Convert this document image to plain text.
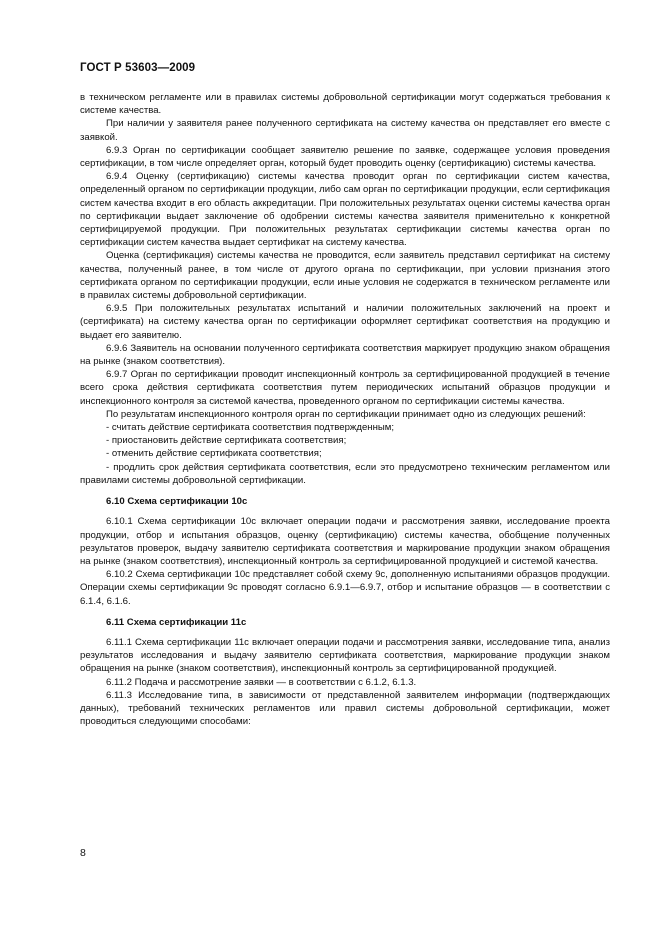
ГОСТ Р 53603—2009

в техническом регламенте или в правилах системы добровольной сертификации могут содержаться требования к системе качества.

При наличии у заявителя ранее полученного сертификата на систему качества он представляет его вместе с заявкой.

6.9.3 Орган по сертификации сообщает заявителю решение по заявке, содержащее условия проведения сертификации, в том числе определяет орган, который будет проводить оценку (сертификацию) системы качества.

6.9.4 Оценку (сертификацию) системы качества проводит орган по сертификации систем качества, определенный органом по сертификации продукции, либо сам орган по сертификации продукции, если сертификация систем качества входит в его область аккредитации. При положительных результатах оценки системы качества орган по сертификации выдает заключение об одобрении системы качества заявителя применительно к конкретной сертифицируемой продукции. При положительных результатах сертификации системы качества орган по сертификации систем качества выдает сертификат на систему качества.

Оценка (сертификация) системы качества не проводится, если заявитель представил сертификат на систему качества, полученный ранее, в том числе от другого органа по сертификации, при условии признания этого сертификата органом по сертификации продукции, если иные условия не содержатся в техническом регламенте или в правилах системы добровольной сертификации.

6.9.5 При положительных результатах испытаний и наличии положительных заключений на проект и (сертификата) на систему качества орган по сертификации оформляет сертификат соответствия на продукцию и выдает его заявителю.

6.9.6 Заявитель на основании полученного сертификата соответствия маркирует продукцию знаком обращения на рынке (знаком соответствия).

6.9.7 Орган по сертификации проводит инспекционный контроль за сертифицированной продукцией в течение всего срока действия сертификата соответствия путем периодических испытаний образцов продукции и инспекционного контроля за системой качества, проведенного органом по сертификации системы качества.

По результатам инспекционного контроля орган по сертификации принимает одно из следующих решений:

- считать действие сертификата соответствия подтвержденным;

- приостановить действие сертификата соответствия;

- отменить действие сертификата соответствия;

- продлить срок действия сертификата соответствия, если это предусмотрено техническим регламентом или правилами системы добровольной сертификации.

6.10 Схема сертификации 10с

6.10.1 Схема сертификации 10с включает операции подачи и рассмотрения заявки, исследование проекта продукции, отбор и испытания образцов, оценку (сертификацию) системы качества, обобщение полученных результатов проверок, выдачу заявителю сертификата соответствия и маркирование продукции знаком обращения на рынке (знаком соответствия), инспекционный контроль за сертифицированной продукцией и системой качества.

6.10.2 Схема сертификации 10с представляет собой схему 9с, дополненную испытаниями образцов продукции. Операции схемы сертификации 9с проводят согласно 6.9.1—6.9.7, отбор и испытание образцов — в соответствии с 6.1.4, 6.1.6.

6.11 Схема сертификации 11с

6.11.1 Схема сертификации 11с включает операции подачи и рассмотрения заявки, исследование типа, анализ результатов исследования и выдачу заявителю сертификата соответствия, маркирование продукции знаком обращения на рынке (знаком соответствия), инспекционный контроль за сертифицированной продукцией.

6.11.2 Подача и рассмотрение заявки — в соответствии с 6.1.2, 6.1.3.

6.11.3 Исследование типа, в зависимости от представленной заявителем информации (подтверждающих данных), требований технических регламентов или правил системы добровольной сертификации, может проводиться следующими способами:

8
